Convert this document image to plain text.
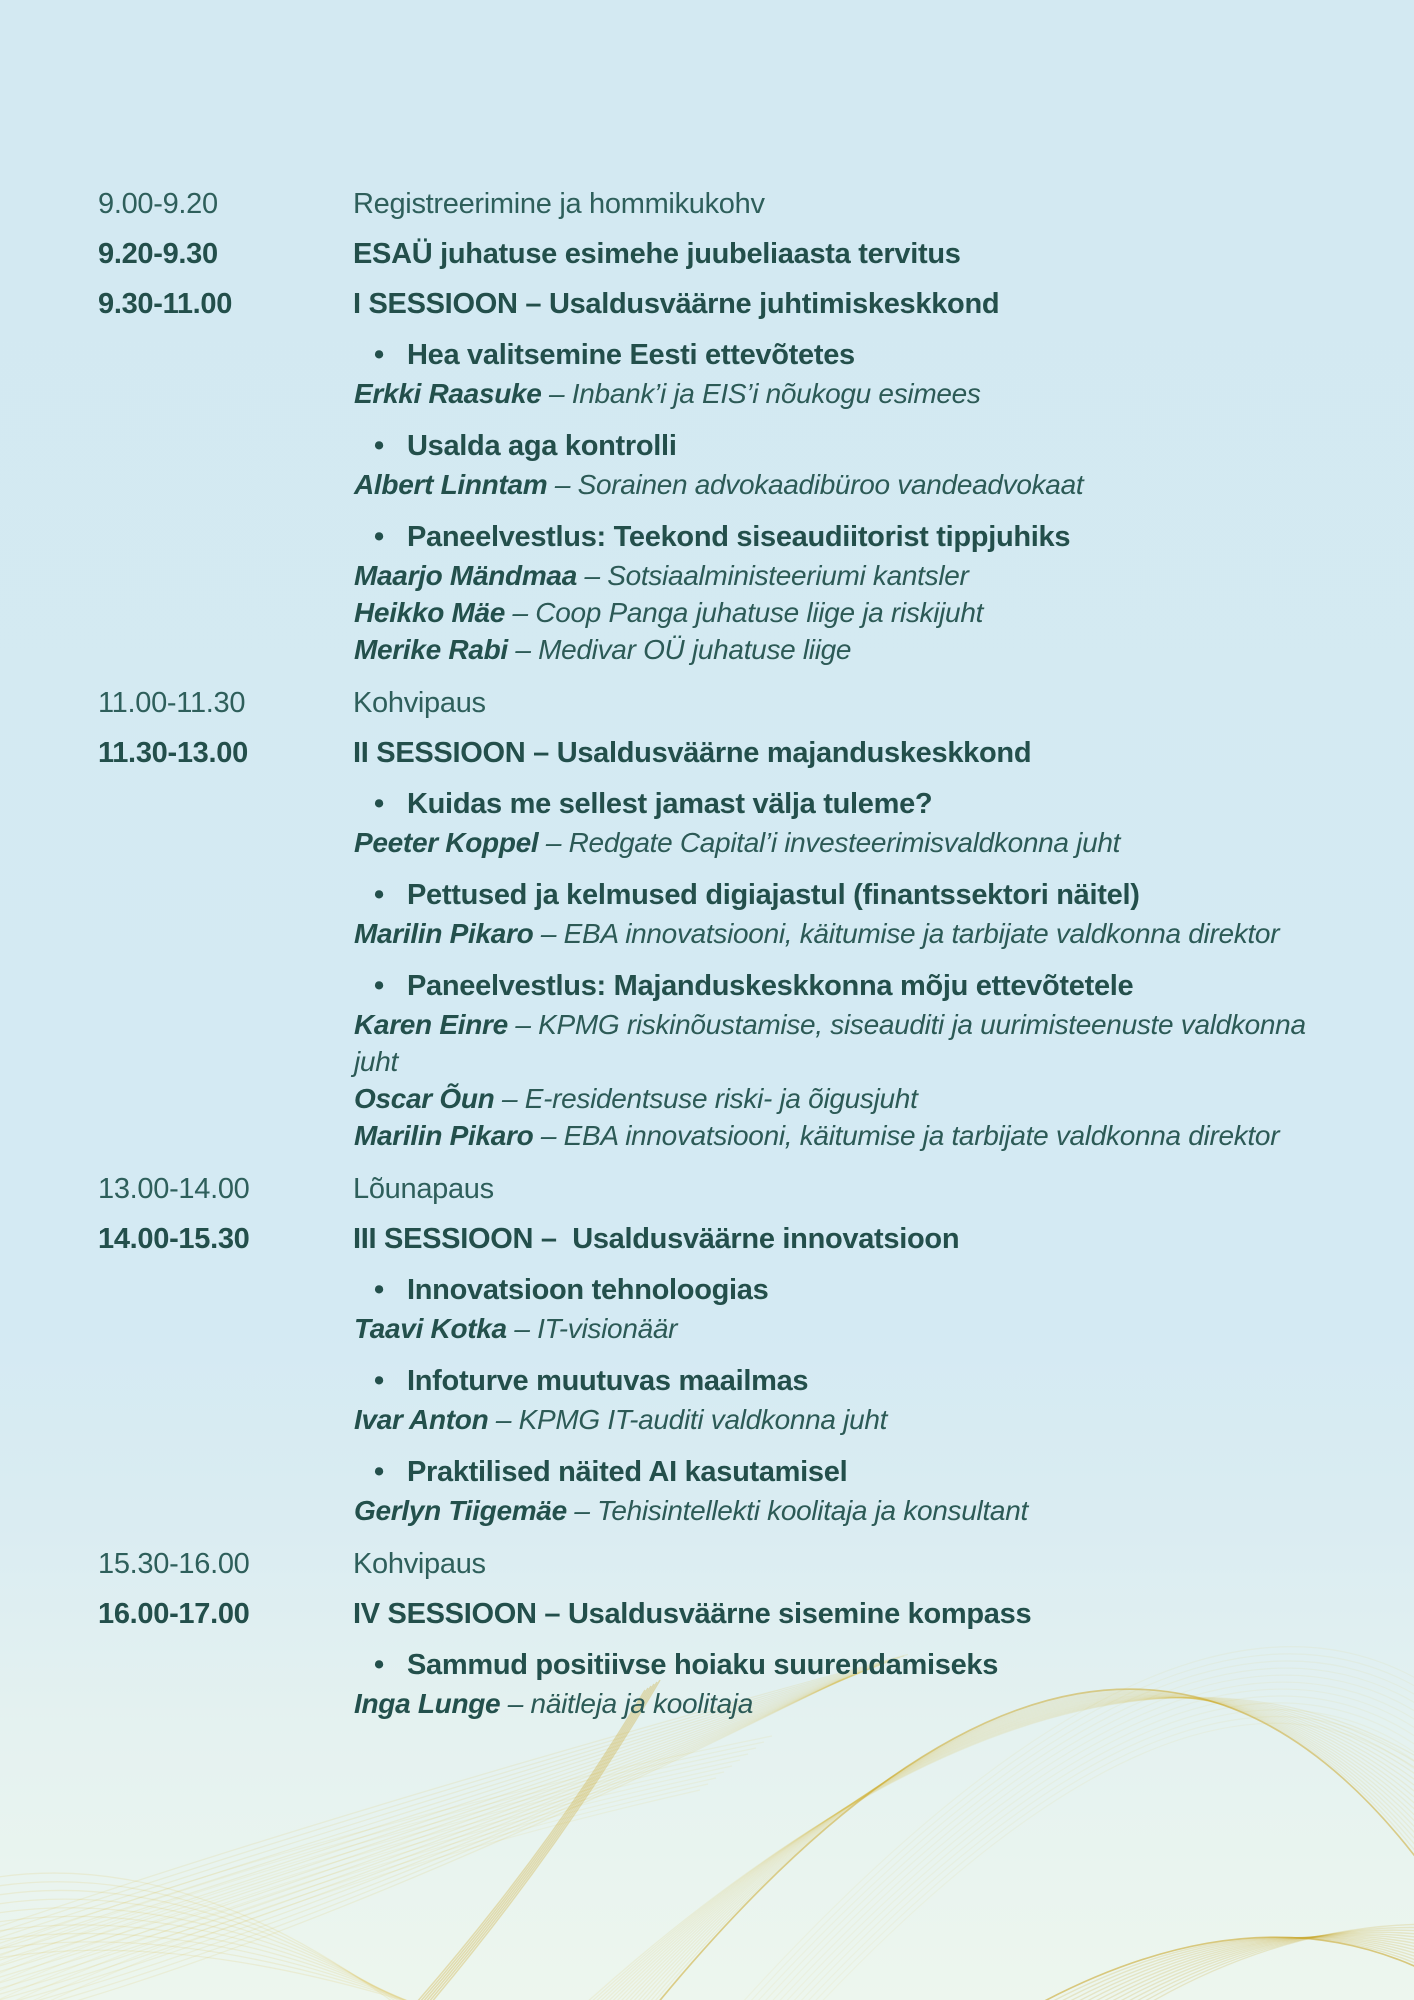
9.00-9.20	Registreerimine ja hommikukohv
9.20-9.30	ESAÜ juhatuse esimehe juubeliaasta tervitus
9.30-11.00	I SESSIOON – Usaldusväärne juhtimiskeskkond
• Hea valitsemine Eesti ettevõtetes
Erkki Raasuke – Inbank’i ja EIS’i nõukogu esimees
• Usalda aga kontrolli
Albert Linntam – Sorainen advokaadibüroo vandeadvokaat
• Paneelvestlus: Teekond siseaudiitorist tippjuhiks
Maarjo Mändmaa – Sotsiaalministeeriumi kantsler
Heikko Mäe – Coop Panga juhatuse liige ja riskijuht
Merike Rabi – Medivar OÜ juhatuse liige
11.00-11.30	Kohvipaus
11.30-13.00	II SESSIOON – Usaldusväärne majanduskeskkond
• Kuidas me sellest jamast välja tuleme?
Peeter Koppel – Redgate Capital’i investeerimisvaldkonna juht
• Pettused ja kelmused digiajastul (finantssektori näitel)
Marilin Pikaro – EBA innovatsiooni, käitumise ja tarbijate valdkonna direktor
• Paneelvestlus: Majanduskeskkonna mõju ettevõtetele
Karen Einre – KPMG riskinõustamise, siseauditi ja uurimisteenuste valdkonna
juht
Oscar Õun – E-residentsuse riski- ja õigusjuht
Marilin Pikaro – EBA innovatsiooni, käitumise ja tarbijate valdkonna direktor
13.00-14.00	Lõunapaus
14.00-15.30	III SESSIOON –  Usaldusväärne innovatsioon
• Innovatsioon tehnoloogias
Taavi Kotka – IT-visionäär
• Infoturve muutuvas maailmas
Ivar Anton – KPMG IT-auditi valdkonna juht
• Praktilised näited AI kasutamisel
Gerlyn Tiigemäe – Tehisintellekti koolitaja ja konsultant
15.30-16.00	Kohvipaus
16.00-17.00	IV SESSIOON – Usaldusväärne sisemine kompass
• Sammud positiivse hoiaku suurendamiseks
Inga Lunge – näitleja ja koolitaja
